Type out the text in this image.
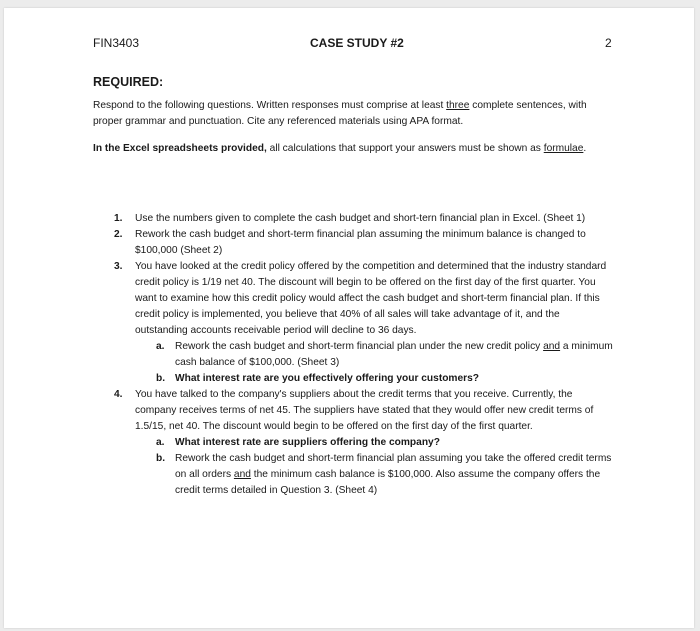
FIN3403	CASE STUDY #2	2

REQUIRED:

Respond to the following questions. Written responses must comprise at least three complete sentences, with proper grammar and punctuation. Cite any referenced materials using APA format.

In the Excel spreadsheets provided, all calculations that support your answers must be shown as formulae.

1. Use the numbers given to complete the cash budget and short-tern financial plan in Excel. (Sheet 1)
2. Rework the cash budget and short-term financial plan assuming the minimum balance is changed to $100,000 (Sheet 2)
3. You have looked at the credit policy offered by the competition and determined that the industry standard credit policy is 1/19 net 40. The discount will begin to be offered on the first day of the first quarter. You want to examine how this credit policy would affect the cash budget and short-term financial plan. If this credit policy is implemented, you believe that 40% of all sales will take advantage of it, and the outstanding accounts receivable period will decline to 36 days.
a. Rework the cash budget and short-term financial plan under the new credit policy and a minimum cash balance of $100,000. (Sheet 3)
b. What interest rate are you effectively offering your customers?
4. You have talked to the company's suppliers about the credit terms that you receive. Currently, the company receives terms of net 45. The suppliers have stated that they would offer new credit terms of 1.5/15, net 40. The discount would begin to be offered on the first day of the first quarter.
a. What interest rate are suppliers offering the company?
b. Rework the cash budget and short-term financial plan assuming you take the offered credit terms on all orders and the minimum cash balance is $100,000. Also assume the company offers the credit terms detailed in Question 3. (Sheet 4)
